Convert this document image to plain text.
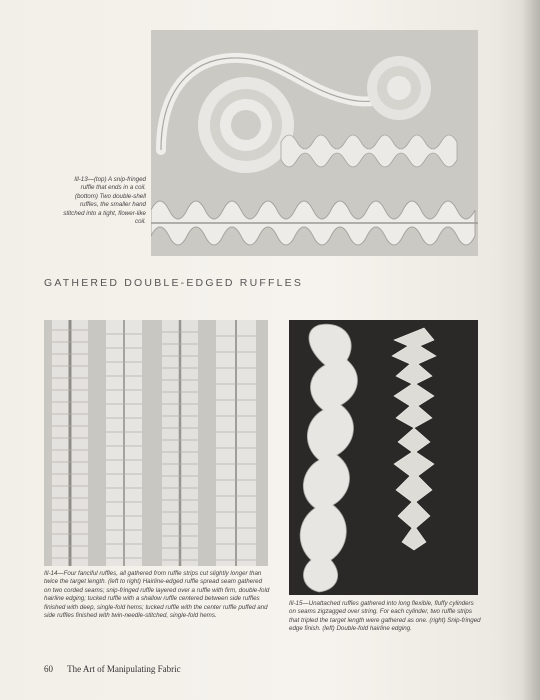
Ill-13—(top) A snip-fringed ruffle that ends in a coil. (bottom) Two double-shell ruffles, the smaller hand stitched into a tight, flower-like coil.
GATHERED DOUBLE-EDGED RUFFLES
Ill-14—Four fanciful ruffles, all gathered from ruffle strips cut slightly longer than twice the target length. (left to right) Hairline-edged ruffle spread seam gathered on two corded seams; snip-fringed ruffle layered over a ruffle with firm, double-fold hairline edging; tucked ruffle with a shallow ruffle centered between side ruffles finished with deep, single-fold hems; tucked ruffle with the center ruffle puffed and side ruffles finished with twin-needle-stitched, single-fold hems.
Ill-15—Unattached ruffles gathered into long flexible, fluffy cylinders on seams zigzagged over string. For each cylinder, two ruffle strips that tripled the target length were gathered as one. (right) Snip-fringed edge finish. (left) Double-fold hairline edging.
60 The Art of Manipulating Fabric
